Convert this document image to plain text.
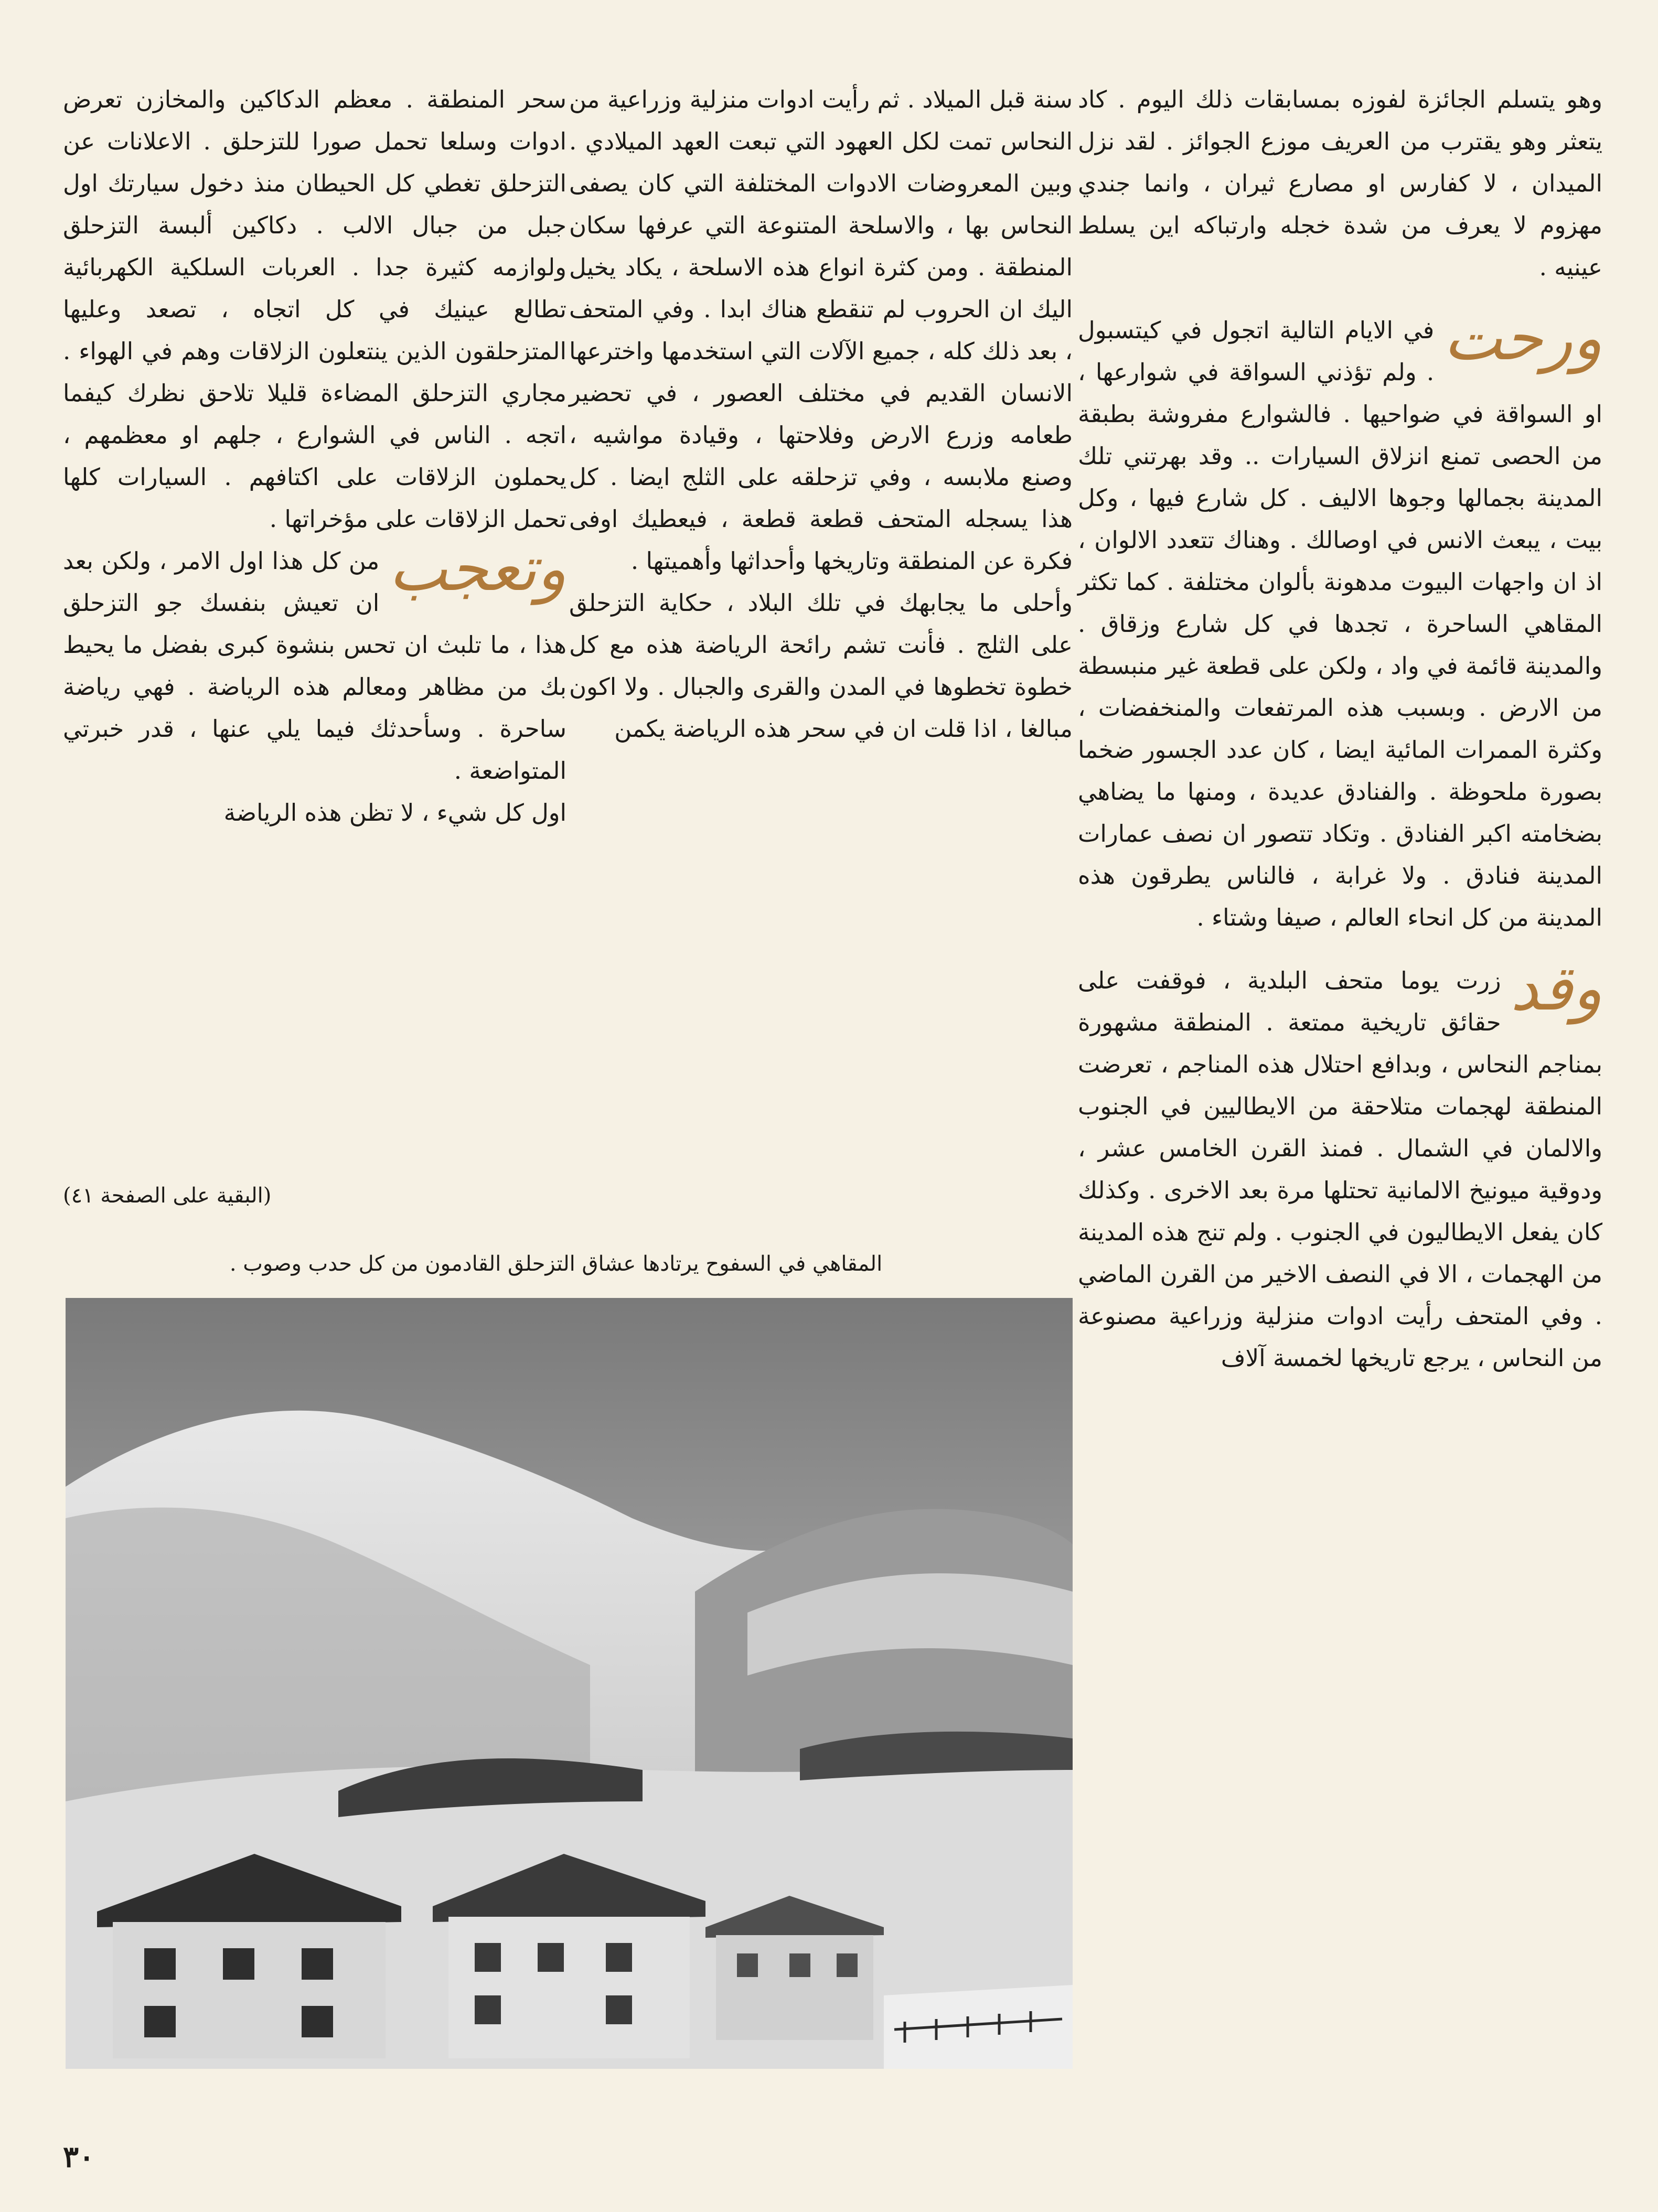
وهو يتسلم الجائزة لفوزه بمسابقات ذلك اليوم . كاد يتعثر وهو يقترب من العريف موزع الجوائز . لقد نزل الميدان ، لا كفارس او مصارع ثيران ، وانما جندي مهزوم لا يعرف من شدة خجله وارتباكه اين يسلط عينيه .

ورحت
في الايام التالية اتجول في كيتسبول . ولم تؤذني السواقة في شوارعها ، او السواقة في ضواحيها . فالشوارع مفروشة بطبقة من الحصى تمنع انزلاق السيارات .. وقد بهرتني تلك المدينة بجمالها وجوها الاليف . كل شارع فيها ، وكل بيت ، يبعث الانس في اوصالك . وهناك تتعدد الالوان ، اذ ان واجهات البيوت مدهونة بألوان مختلفة . كما تكثر المقاهي الساحرة ، تجدها في كل شارع وزقاق . والمدينة قائمة في واد ، ولكن على قطعة غير منبسطة من الارض . وبسبب هذه المرتفعات والمنخفضات ، وكثرة الممرات المائية ايضا ، كان عدد الجسور ضخما بصورة ملحوظة . والفنادق عديدة ، ومنها ما يضاهي بضخامته اكبر الفنادق . وتكاد تتصور ان نصف عمارات المدينة فنادق . ولا غرابة ، فالناس يطرقون هذه المدينة من كل انحاء العالم ، صيفا وشتاء .

وقد
زرت يوما متحف البلدية ، فوقفت على حقائق تاريخية ممتعة . المنطقة مشهورة بمناجم النحاس ، وبدافع احتلال هذه المناجم ، تعرضت المنطقة لهجمات متلاحقة من الايطاليين في الجنوب والالمان في الشمال . فمنذ القرن الخامس عشر ، ودوقية ميونيخ الالمانية تحتلها مرة بعد الاخرى . وكذلك كان يفعل الايطاليون في الجنوب . ولم تنج هذه المدينة من الهجمات ، الا في النصف الاخير من القرن الماضي . وفي المتحف رأيت ادوات منزلية وزراعية مصنوعة من النحاس ، يرجع تاريخها لخمسة آلاف

سنة قبل الميلاد . ثم رأيت ادوات منزلية وزراعية من النحاس تمت لكل العهود التي تبعت العهد الميلادي . وبين المعروضات الادوات المختلفة التي كان يصفى النحاس بها ، والاسلحة المتنوعة التي عرفها سكان المنطقة . ومن كثرة انواع هذه الاسلحة ، يكاد يخيل اليك ان الحروب لم تنقطع هناك ابدا . وفي المتحف ، بعد ذلك كله ، جميع الآلات التي استخدمها واخترعها الانسان القديم في مختلف العصور ، في تحضير طعامه وزرع الارض وفلاحتها ، وقيادة مواشيه ، وصنع ملابسه ، وفي تزحلقه على الثلج ايضا . كل هذا يسجله المتحف قطعة قطعة ، فيعطيك اوفى فكرة عن المنطقة وتاريخها وأحداثها وأهميتها .

وأحلى ما يجابهك في تلك البلاد ، حكاية التزحلق على الثلج . فأنت تشم رائحة الرياضة هذه مع كل خطوة تخطوها في المدن والقرى والجبال . ولا اكون مبالغا ، اذا قلت ان في سحر هذه الرياضة يكمن

سحر المنطقة . معظم الدكاكين والمخازن تعرض ادوات وسلعا تحمل صورا للتزحلق . الاعلانات عن التزحلق تغطي كل الحيطان منذ دخول سيارتك اول جبل من جبال الالب . دكاكين ألبسة التزحلق ولوازمه كثيرة جدا . العربات السلكية الكهربائية تطالع عينيك في كل اتجاه ، تصعد وعليها المتزحلقون الذين ينتعلون الزلاقات وهم في الهواء . مجاري التزحلق المضاءة قليلا تلاحق نظرك كيفما اتجه . الناس في الشوارع ، جلهم او معظمهم ، يحملون الزلاقات على اكتافهم . السيارات كلها تحمل الزلاقات على مؤخراتها .

وتعجب
من كل هذا اول الامر ، ولكن بعد ان تعيش بنفسك جو التزحلق هذا ، ما تلبث ان تحس بنشوة كبرى بفضل ما يحيط بك من مظاهر ومعالم هذه الرياضة . فهي رياضة ساحرة . وسأحدثك فيما يلي عنها ، قدر خبرتي المتواضعة .

اول كل شيء ، لا تظن هذه الرياضة

(البقية على الصفحة ٤١)
المقاهي في السفوح يرتادها عشاق التزحلق القادمون من كل حدب وصوب .
٣٠
